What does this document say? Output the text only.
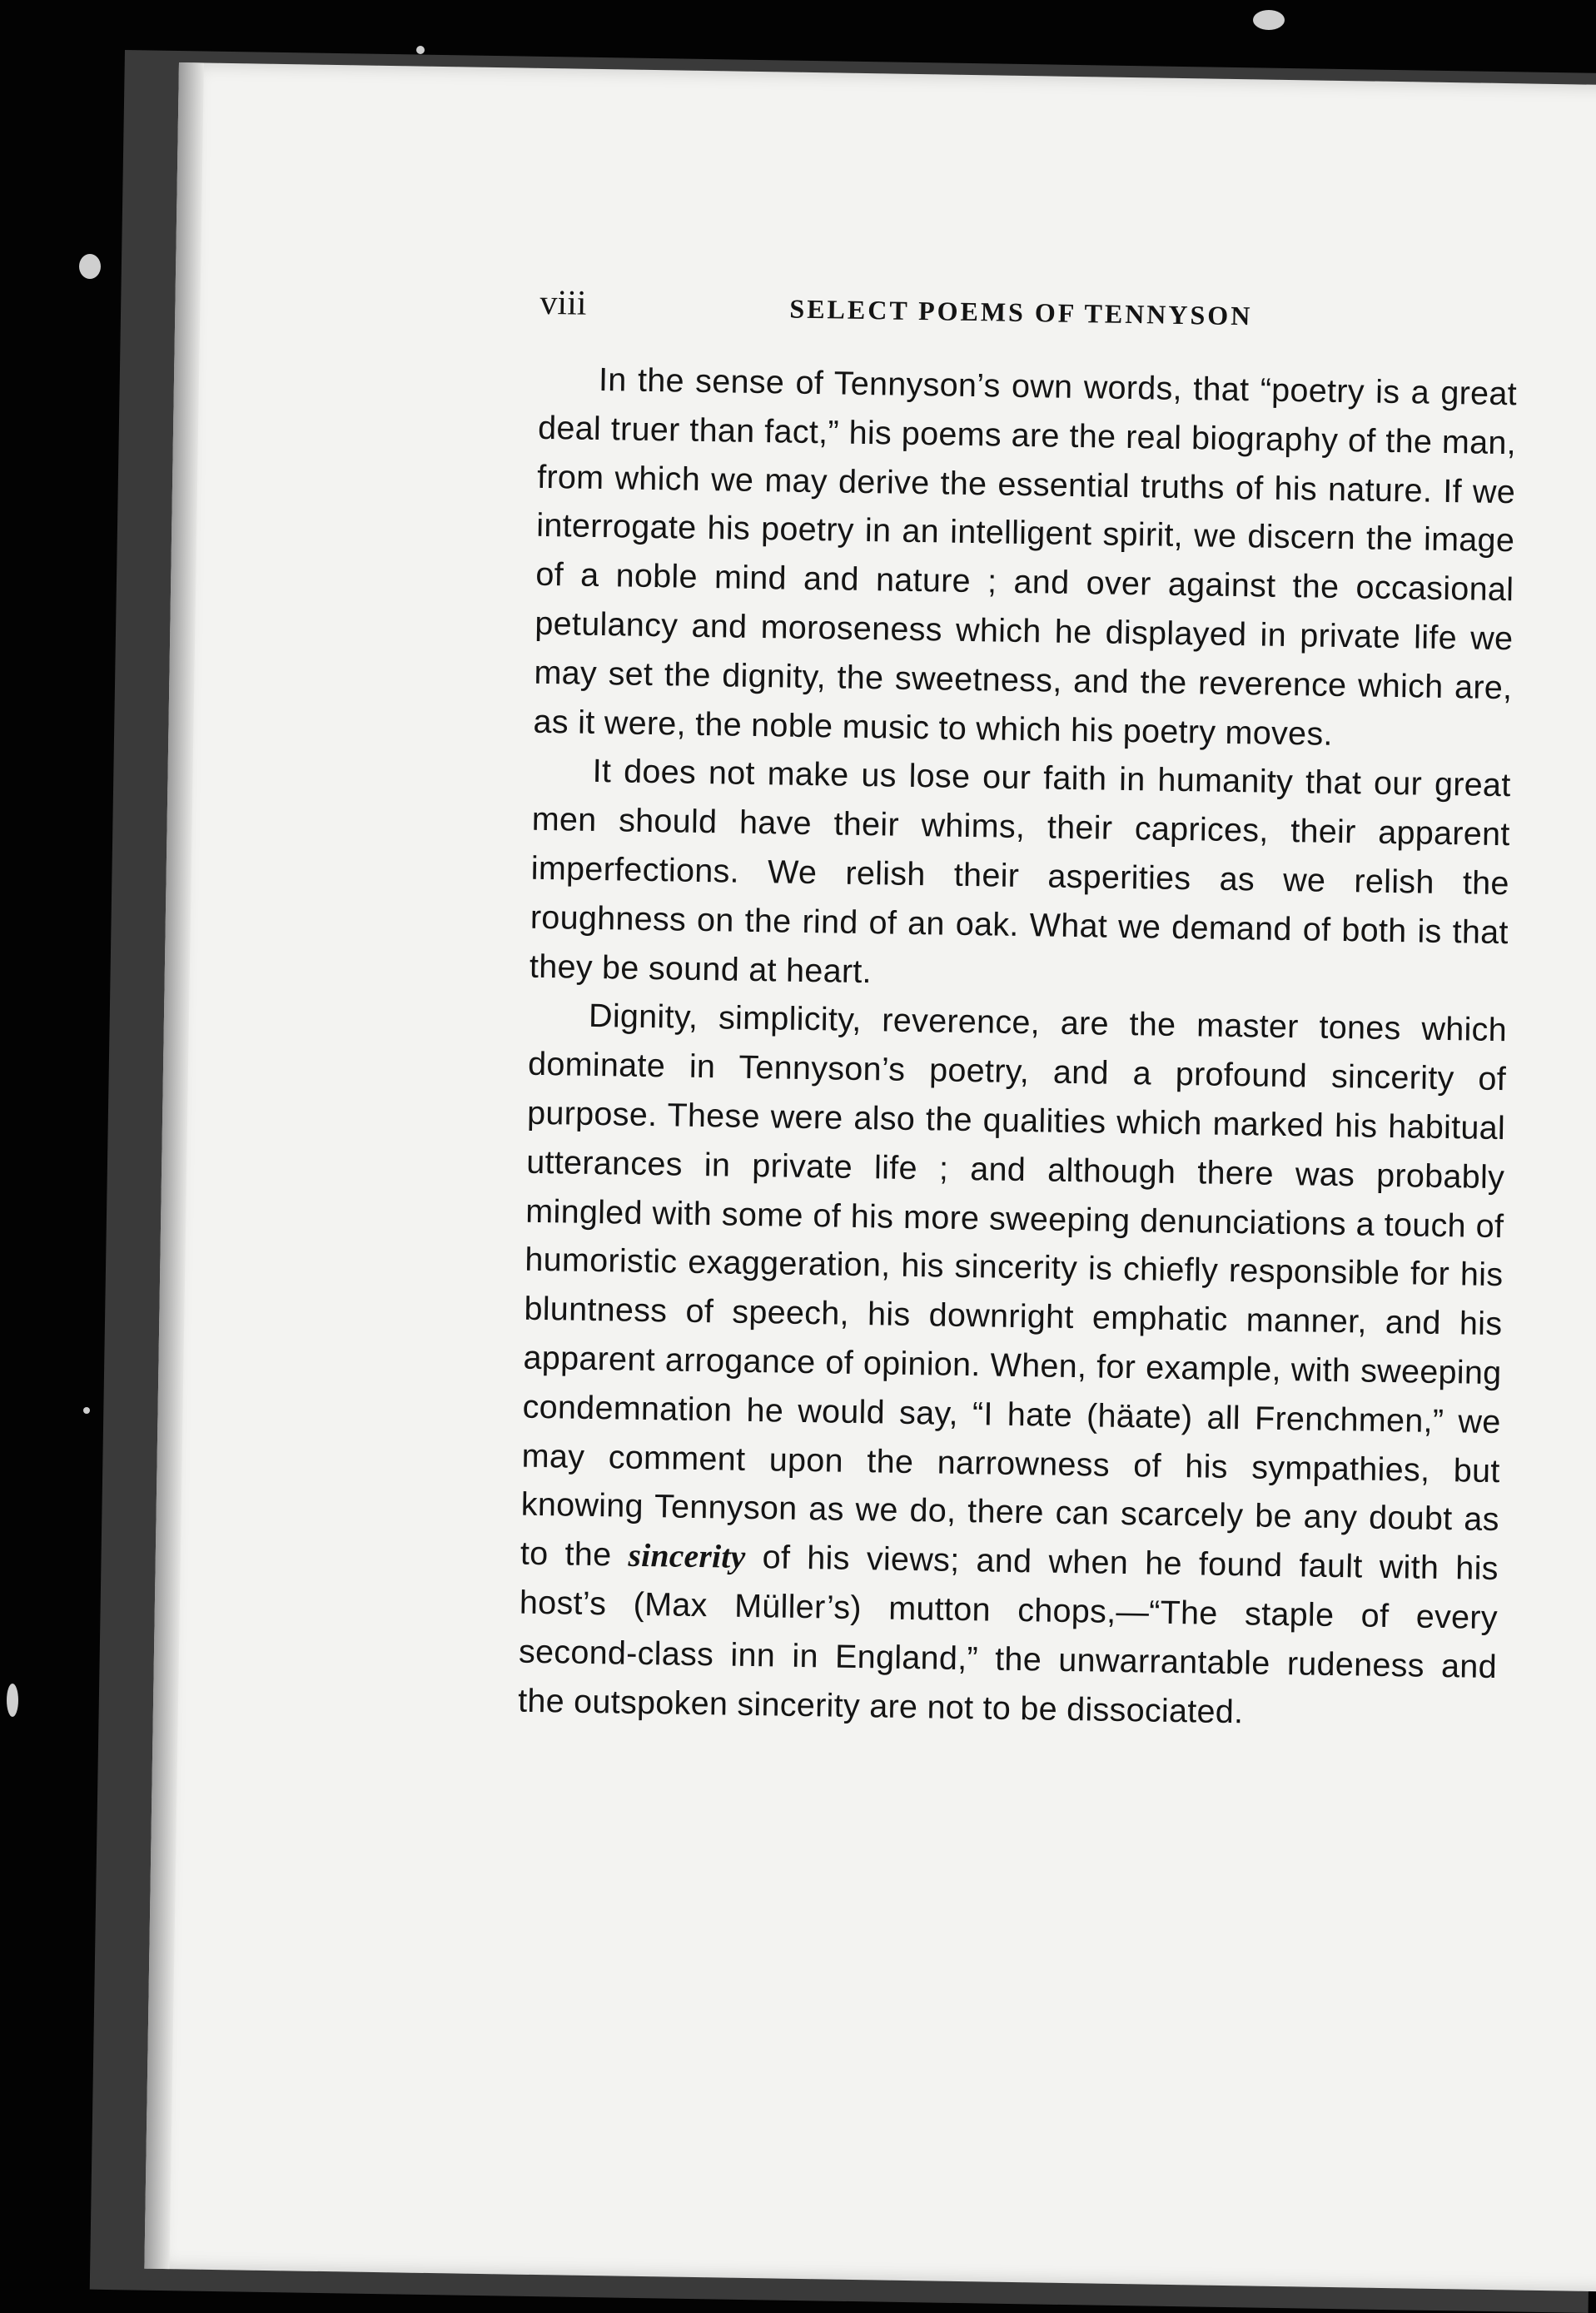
viii	SELECT POEMS OF TENNYSON

In the sense of Tennyson’s own words, that “poetry is a great deal truer than fact,” his poems are the real biography of the man, from which we may derive the essential truths of his nature. If we interrogate his poetry in an intelligent spirit, we discern the image of a noble mind and nature ; and over against the occasional petulancy and moroseness which he displayed in private life we may set the dignity, the sweetness, and the reverence which are, as it were, the noble music to which his poetry moves.

It does not make us lose our faith in humanity that our great men should have their whims, their caprices, their apparent imperfections. We relish their asperities as we relish the roughness on the rind of an oak. What we demand of both is that they be sound at heart.

Dignity, simplicity, reverence, are the master tones which dominate in Tennyson’s poetry, and a profound sincerity of purpose. These were also the qualities which marked his habitual utterances in private life ; and although there was probably mingled with some of his more sweeping denunciations a touch of humoristic exaggeration, his sincerity is chiefly responsible for his bluntness of speech, his downright emphatic manner, and his apparent arrogance of opinion. When, for example, with sweeping condemnation he would say, “I hate (häate) all Frenchmen,” we may comment upon the narrowness of his sympathies, but knowing Tennyson as we do, there can scarcely be any doubt as to the sincerity of his views; and when he found fault with his host’s (Max Müller’s) mutton chops,—“The staple of every second-class inn in England,” the unwarrantable rudeness and the outspoken sincerity are not to be dissociated.
